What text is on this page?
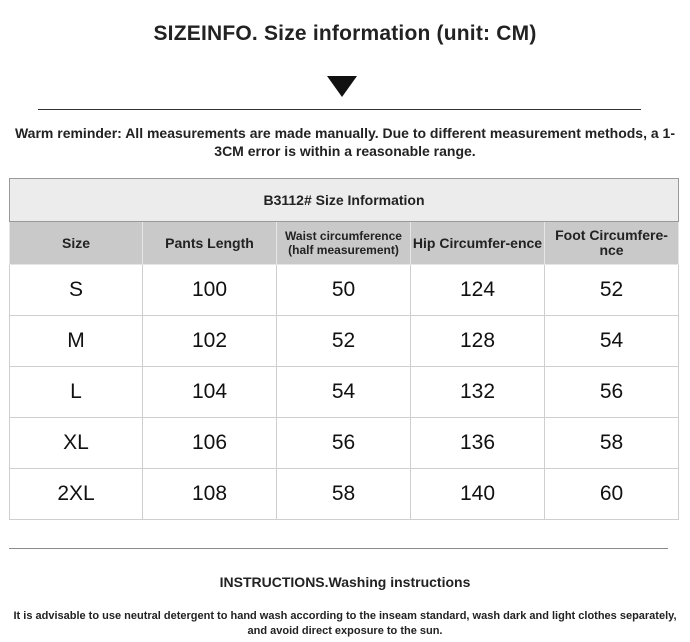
SIZEINFO. Size information (unit: CM)
Warm reminder: All measurements are made manually. Due to different measurement methods, a 1-3CM error is within a reasonable range.
B3112# Size Information				
Size	Pants Length	Waist circumference (half measurement)	Hip Circumfer-ence	Foot Circumfere-nce
S	100	50	124	52
M	102	52	128	54
L	104	54	132	56
XL	106	56	136	58
2XL	108	58	140	60
INSTRUCTIONS.Washing instructions
It is advisable to use neutral detergent to hand wash according to the inseam standard, wash dark and light clothes separately, and avoid direct exposure to the sun.
